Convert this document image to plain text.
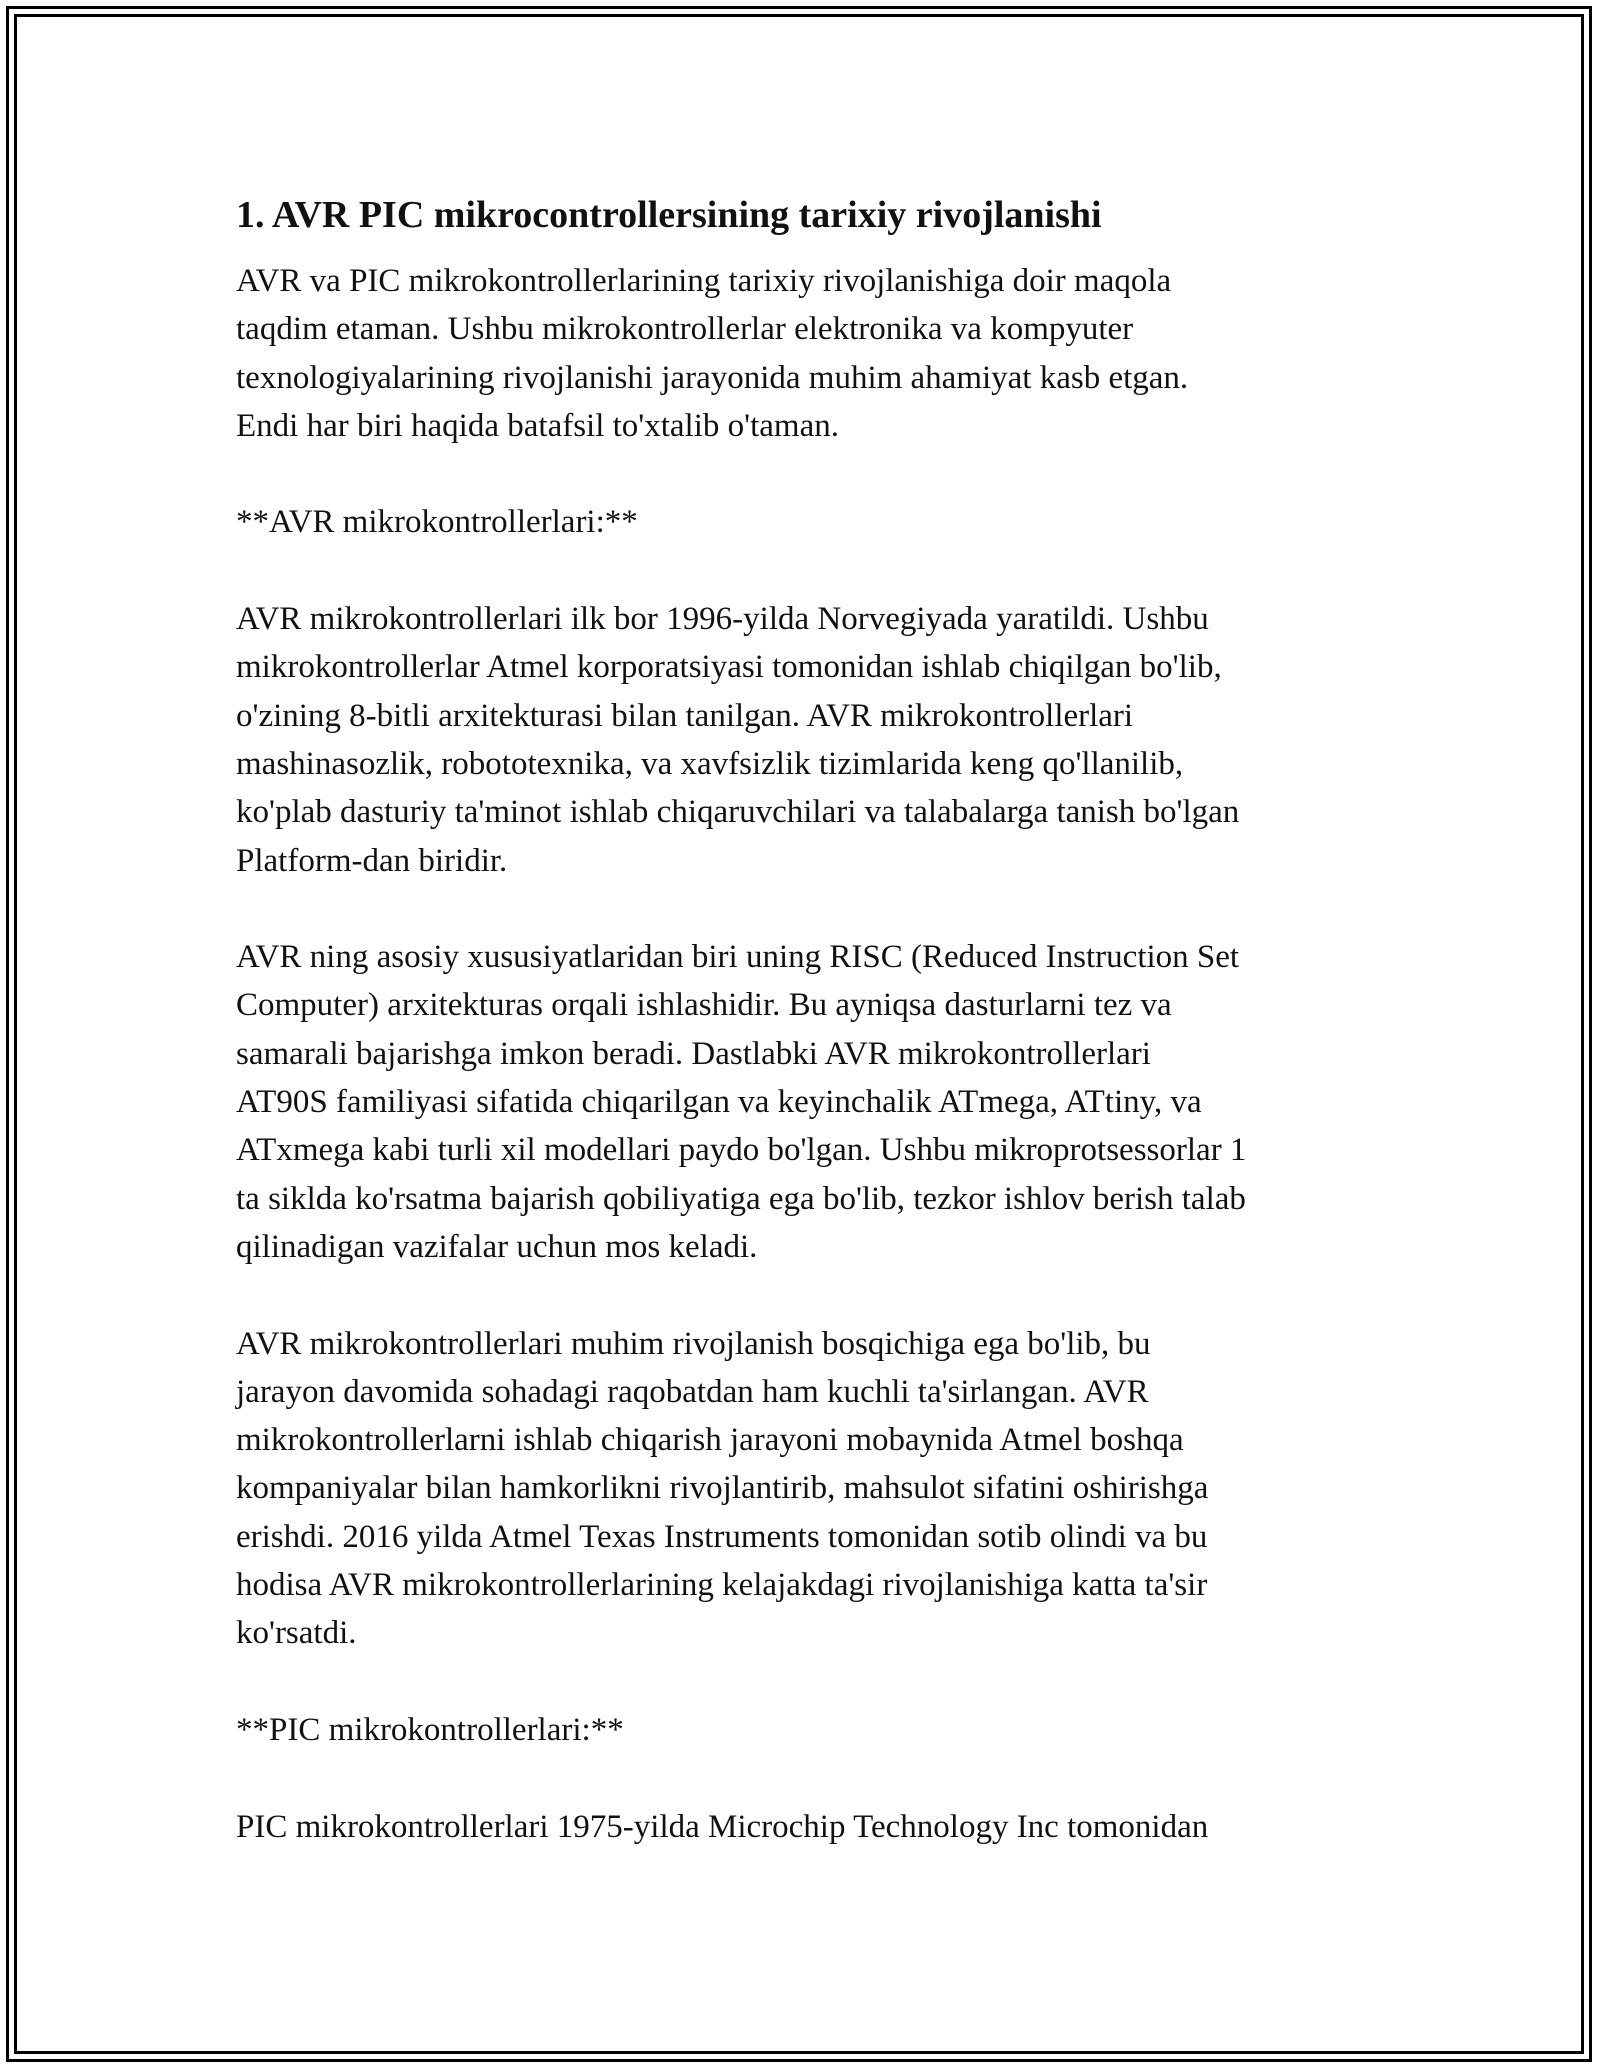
1. AVR PIC mikrocontrollersining tarixiy rivojlanishi
AVR va PIC mikrokontrollerlarining tarixiy rivojlanishiga doir maqola
taqdim etaman. Ushbu mikrokontrollerlar elektronika va kompyuter
texnologiyalarining rivojlanishi jarayonida muhim ahamiyat kasb etgan.
Endi har biri haqida batafsil to'xtalib o'taman.
**AVR mikrokontrollerlari:**
AVR mikrokontrollerlari ilk bor 1996-yilda Norvegiyada yaratildi. Ushbu
mikrokontrollerlar Atmel korporatsiyasi tomonidan ishlab chiqilgan bo'lib,
o'zining 8-bitli arxitekturasi bilan tanilgan. AVR mikrokontrollerlari
mashinasozlik, robototexnika, va xavfsizlik tizimlarida keng qo'llanilib,
ko'plab dasturiy ta'minot ishlab chiqaruvchilari va talabalarga tanish bo'lgan
Platform-dan biridir.
AVR ning asosiy xususiyatlaridan biri uning RISC (Reduced Instruction Set
Computer) arxitekturas orqali ishlashidir. Bu ayniqsa dasturlarni tez va
samarali bajarishga imkon beradi. Dastlabki AVR mikrokontrollerlari
AT90S familiyasi sifatida chiqarilgan va keyinchalik ATmega, ATtiny, va
ATxmega kabi turli xil modellari paydo bo'lgan. Ushbu mikroprotsessorlar 1
ta siklda ko'rsatma bajarish qobiliyatiga ega bo'lib, tezkor ishlov berish talab
qilinadigan vazifalar uchun mos keladi.
AVR mikrokontrollerlari muhim rivojlanish bosqichiga ega bo'lib, bu
jarayon davomida sohadagi raqobatdan ham kuchli ta'sirlangan. AVR
mikrokontrollerlarni ishlab chiqarish jarayoni mobaynida Atmel boshqa
kompaniyalar bilan hamkorlikni rivojlantirib, mahsulot sifatini oshirishga
erishdi. 2016 yilda Atmel Texas Instruments tomonidan sotib olindi va bu
hodisa AVR mikrokontrollerlarining kelajakdagi rivojlanishiga katta ta'sir
ko'rsatdi.
**PIC mikrokontrollerlari:**
PIC mikrokontrollerlari 1975-yilda Microchip Technology Inc tomonidan
